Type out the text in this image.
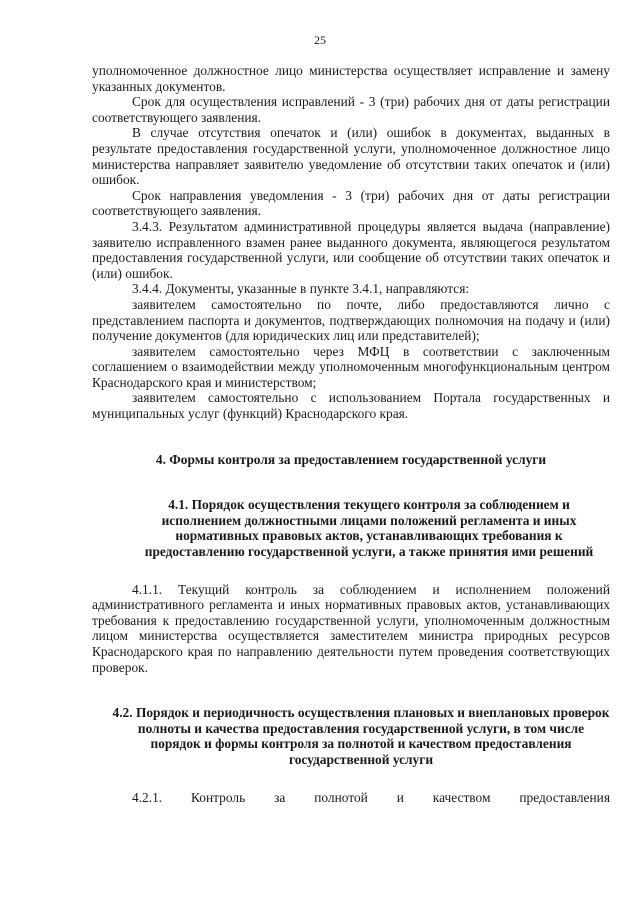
25

уполномоченное должностное лицо министерства осуществляет исправление и замену указанных документов.

Срок для осуществления исправлений - 3 (три) рабочих дня от даты регистрации соответствующего заявления.

В случае отсутствия опечаток и (или) ошибок в документах, выданных в результате предоставления государственной услуги, уполномоченное должностное лицо министерства направляет заявителю уведомление об отсутствии таких опечаток и (или) ошибок.

Срок направления уведомления - 3 (три) рабочих дня от даты регистрации соответствующего заявления.

3.4.3. Результатом административной процедуры является выдача (направление) заявителю исправленного взамен ранее выданного документа, являющегося результатом предоставления государственной услуги, или сообщение об отсутствии таких опечаток и (или) ошибок.

3.4.4. Документы, указанные в пункте 3.4.1, направляются:

заявителем самостоятельно по почте, либо предоставляются лично с представлением паспорта и документов, подтверждающих полномочия на подачу и (или) получение документов (для юридических лиц или представителей);

заявителем самостоятельно через МФЦ в соответствии с заключенным соглашением о взаимодействии между уполномоченным многофункциональным центром Краснодарского края и министерством;

заявителем самостоятельно с использованием Портала государственных и муниципальных услуг (функций) Краснодарского края.

4. Формы контроля за предоставлением государственной услуги
4.1. Порядок осуществления текущего контроля за соблюдением и исполнением должностными лицами положений регламента и иных нормативных правовых актов, устанавливающих требования к предоставлению государственной услуги, а также принятия ими решений

4.1.1. Текущий контроль за соблюдением и исполнением положений административного регламента и иных нормативных правовых актов, устанавливающих требования к предоставлению государственной услуги, уполномоченным должностным лицом министерства осуществляется заместителем министра природных ресурсов Краснодарского края по направлению деятельности путем проведения соответствующих проверок.

4.2. Порядок и периодичность осуществления плановых и внеплановых проверок полноты и качества предоставления государственной услуги, в том числе порядок и формы контроля за полнотой и качеством предоставления государственной услуги

4.2.1. Контроль за полнотой и качеством предоставления
